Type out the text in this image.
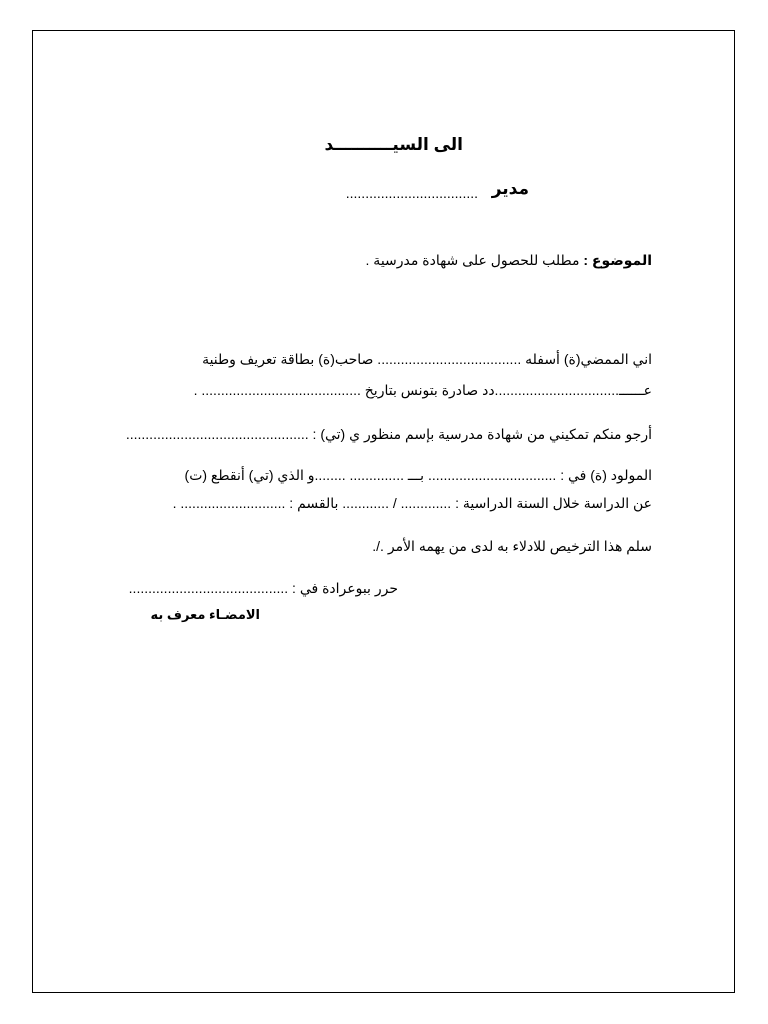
الى السيــــــــــد
مدير
..................................
الموضوع : مطلب للحصول على شهادة مدرسية .
اني الممضي(ة) أسفله ..................................... صاحب(ة) بطاقة تعريف وطنية
عــــــ................................دد صادرة بتونس بتاريخ ......................................... .
أرجو منكم تمكيني من شهادة مدرسية بإسم منظور ي (تي) : ...............................................
المولود (ة) في : ................................. بـــ .............. ........و الذي (تي) أنقطع (ت)
عن الدراسة خلال السنة الدراسية : ............. / ............ بالقسم : ........................... .
سلم هذا الترخيص للادلاء به لدى من يهمه الأمر ./.
حرر ببوعرادة في : .........................................
الامضـاء معرف به
